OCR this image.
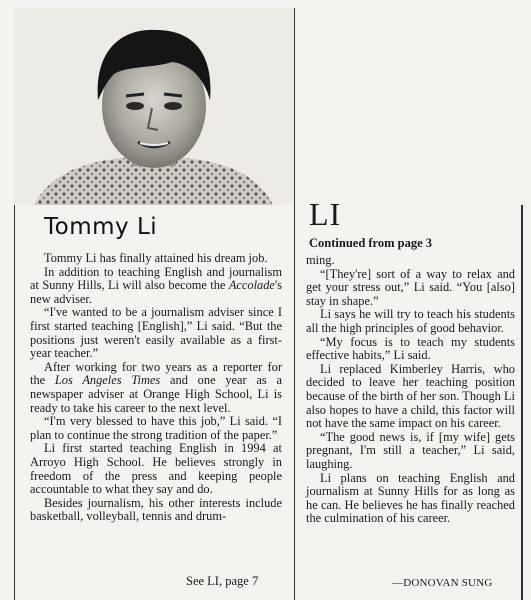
Tommy Li

Tommy Li has finally attained his dream job.

In addition to teaching English and journalism at Sunny Hills, Li will also become the Accolade's new adviser.

“I've wanted to be a journalism adviser since I first started teaching [English],” Li said. “But the positions just weren't easily available as a first-year teacher.”

After working for two years as a reporter for the Los Angeles Times and one year as a newspaper adviser at Orange High School, Li is ready to take his career to the next level.

“I'm very blessed to have this job,” Li said. “I plan to continue the strong tradition of the paper.”

Li first started teaching English in 1994 at Arroyo High School. He believes strongly in freedom of the press and keeping people accountable to what they say and do.

Besides journalism, his other interests include basketball, volleyball, tennis and drum-

See LI, page 7
LI
Continued from page 3

ming.

“[They're] sort of a way to relax and get your stress out,” Li said. “You [also] stay in shape.”

Li says he will try to teach his students all the high principles of good behavior.

“My focus is to teach my students effective habits,” Li said.

Li replaced Kimberley Harris, who decided to leave her teaching position because of the birth of her son. Though Li also hopes to have a child, this factor will not have the same impact on his career.

“The good news is, if [my wife] gets pregnant, I'm still a teacher,” Li said, laughing.

Li plans on teaching English and journalism at Sunny Hills for as long as he can. He believes he has finally reached the culmination of his career.

—DONOVAN SUNG
